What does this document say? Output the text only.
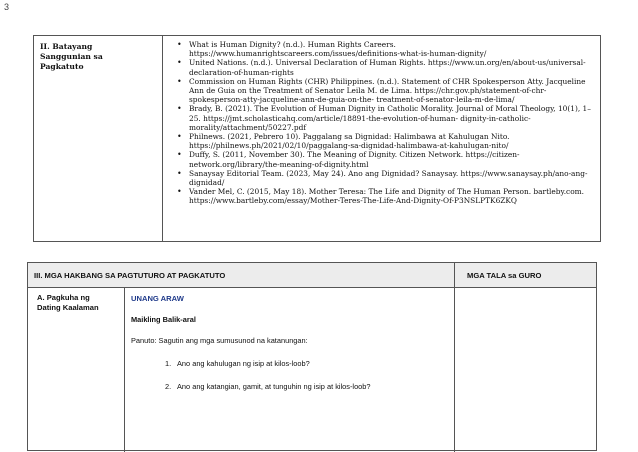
3
II. Batayang
Sanggunian sa
Pagkatuto
• What is Human Dignity? (n.d.). Human Rights Careers. https://www.humanrightscareers.com/issues/definitions-what-is-human-dignity/
• United Nations. (n.d.). Universal Declaration of Human Rights. https://www.un.org/en/about-us/universal-declaration-of-human-rights
• Commission on Human Rights (CHR) Philippines. (n.d.). Statement of CHR Spokesperson Atty. Jacqueline Ann de Guia on the Treatment of Senator Leila M. de Lima. https://chr.gov.ph/statement-of-chr-spokesperson-atty-jacqueline-ann-de-guia-on-the- treatment-of-senator-leila-m-de-lima/
• Brady, B. (2021). The Evolution of Human Dignity in Catholic Morality. Journal of Moral Theology, 10(1), 1–25. https://jmt.scholasticahq.com/article/18891-the-evolution-of-human- dignity-in-catholic-morality/attachment/50227.pdf
• Philnews. (2021, Pebrero 10). Paggalang sa Dignidad: Halimbawa at Kahulugan Nito. https://philnews.ph/2021/02/10/paggalang-sa-dignidad-halimbawa-at-kahulugan-nito/
• Duffy, S. (2011, November 30). The Meaning of Dignity. Citizen Network. https://citizen-network.org/library/the-meaning-of-dignity.html
• Sanaysay Editorial Team. (2023, May 24). Ano ang Dignidad? Sanaysay. https://www.sanaysay.ph/ano-ang-dignidad/
• Vander Mel, C. (2015, May 18). Mother Teresa: The Life and Dignity of The Human Person. bartleby.com. https://www.bartleby.com/essay/Mother-Teres-The-Life-And-Dignity-Of-P3NSLPTK6ZKQ
III. MGA HAKBANG SA PAGTUTURO AT PAGKATUTO	MGA TALA sa GURO
A. Pagkuha ng
Dating Kaalaman
UNANG ARAW
Maikling Balik-aral
Panuto: Sagutin ang mga sumusunod na katanungan:
1. Ano ang kahulugan ng isip at kilos-loob?
2. Ano ang katangian, gamit, at tunguhin ng isip at kilos-loob?
